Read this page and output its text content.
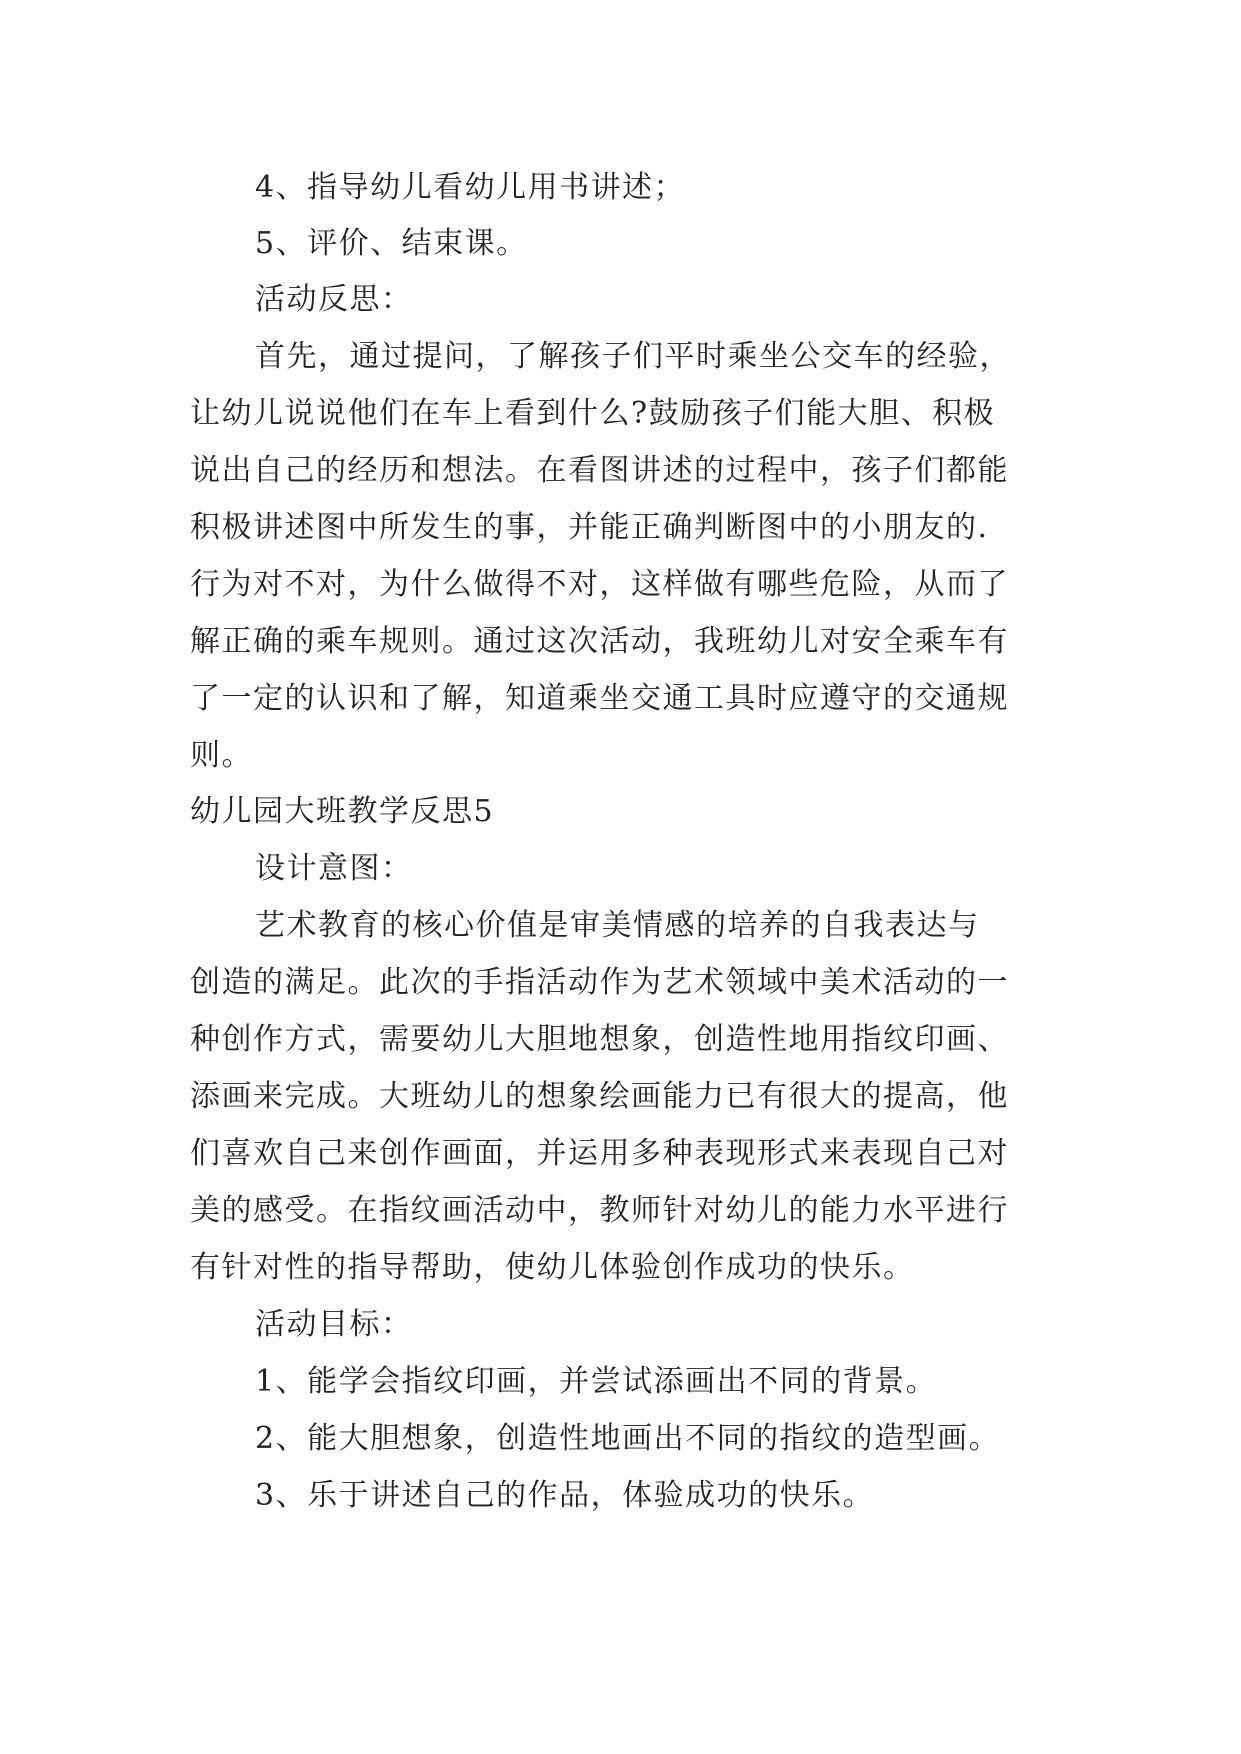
4、指导幼儿看幼儿用书讲述；
5、评价、结束课。
活动反思：
首先，通过提问，了解孩子们平时乘坐公交车的经验，
让幼儿说说他们在车上看到什么?鼓励孩子们能大胆、积极
说出自己的经历和想法。在看图讲述的过程中，孩子们都能
积极讲述图中所发生的事，并能正确判断图中的小朋友的.
行为对不对，为什么做得不对，这样做有哪些危险，从而了
解正确的乘车规则。通过这次活动，我班幼儿对安全乘车有
了一定的认识和了解，知道乘坐交通工具时应遵守的交通规
则。
幼儿园大班教学反思5
设计意图：
艺术教育的核心价值是审美情感的培养的自我表达与
创造的满足。此次的手指活动作为艺术领域中美术活动的一
种创作方式，需要幼儿大胆地想象，创造性地用指纹印画、
添画来完成。大班幼儿的想象绘画能力已有很大的提高，他
们喜欢自己来创作画面，并运用多种表现形式来表现自己对
美的感受。在指纹画活动中，教师针对幼儿的能力水平进行
有针对性的指导帮助，使幼儿体验创作成功的快乐。
活动目标：
1、能学会指纹印画，并尝试添画出不同的背景。
2、能大胆想象，创造性地画出不同的指纹的造型画。
3、乐于讲述自己的作品，体验成功的快乐。
